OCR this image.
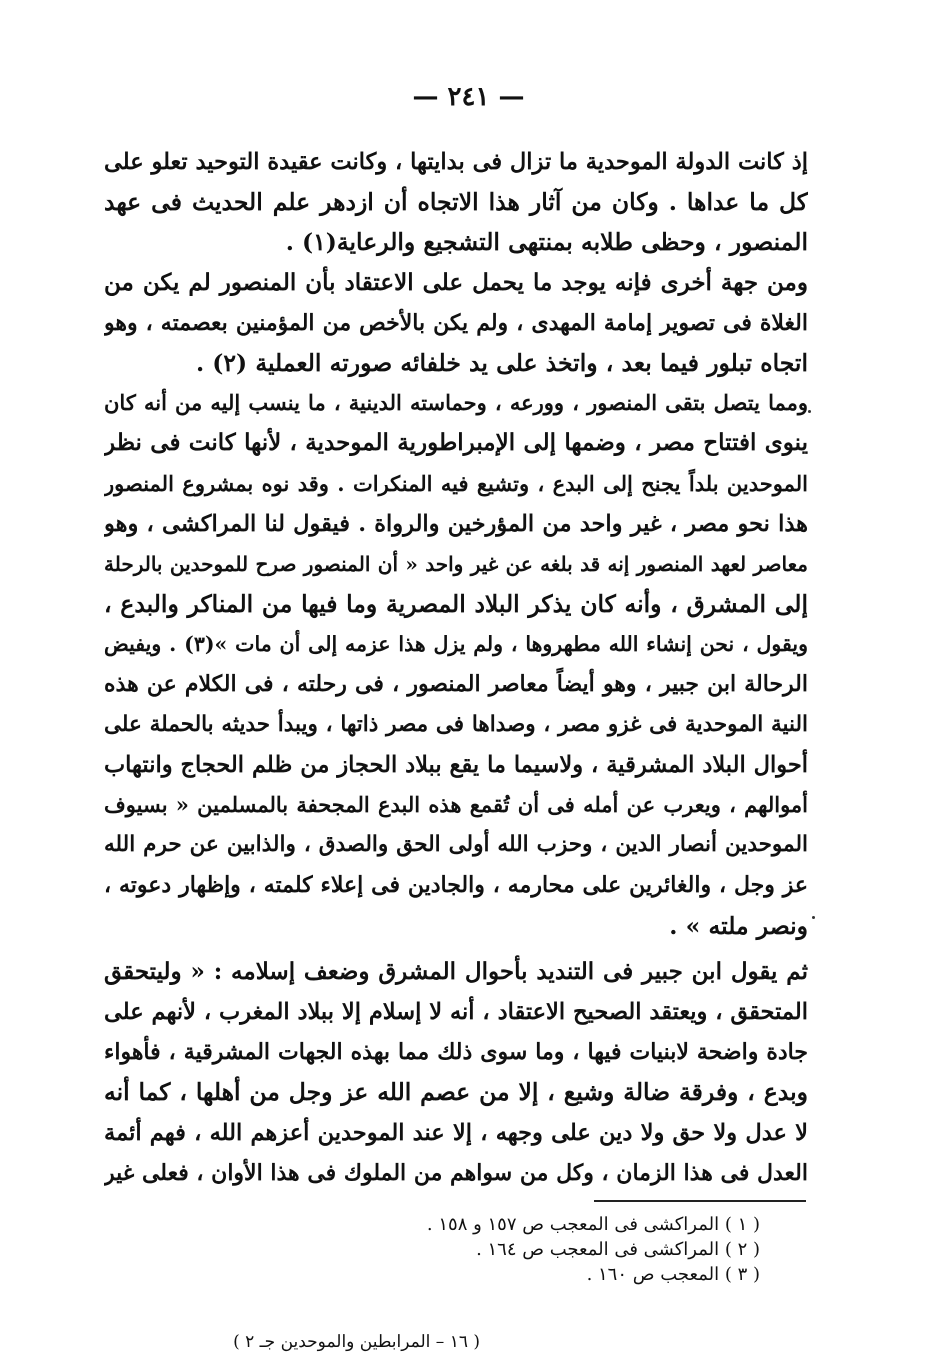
— ٢٤١ —
إذ كانت الدولة الموحدية ما تزال فى بدايتها ، وكانت عقيدة التوحيد تعلو على
كل ما عداها . وكان من آثار هذا الاتجاه أن ازدهر علم الحديث فى عهد
المنصور ، وحظى طلابه بمنتهى التشجيع والرعاية(١) .
ومن جهة أخرى فإنه يوجد ما يحمل على الاعتقاد بأن المنصور لم يكن من
الغلاة فى تصوير إمامة المهدى ، ولم يكن بالأخص من المؤمنين بعصمته ، وهو
اتجاه تبلور فيما بعد ، واتخذ على يد خلفائه صورته العملية (٢) .
ومما يتصل بتقى المنصور ، وورعه ، وحماسته الدينية ، ما ينسب إليه من أنه كان
ينوى افتتاح مصر ، وضمها إلى الإمبراطورية الموحدية ، لأنها كانت فى نظر
الموحدين بلداً يجنح إلى البدع ، وتشيع فيه المنكرات . وقد نوه بمشروع المنصور
هذا نحو مصر ، غير واحد من المؤرخين والرواة . فيقول لنا المراكشى ، وهو
معاصر لعهد المنصور إنه قد بلغه عن غير واحد « أن المنصور صرح للموحدين بالرحلة
إلى المشرق ، وأنه كان يذكر البلاد المصرية وما فيها من المناكر والبدع ،
ويقول ، نحن إنشاء الله مطهروها ، ولم يزل هذا عزمه إلى أن مات »(٣) . ويفيض
الرحالة ابن جبير ، وهو أيضاً معاصر المنصور ، فى رحلته ، فى الكلام عن هذه
النية الموحدية فى غزو مصر ، وصداها فى مصر ذاتها ، ويبدأ حديثه بالحملة على
أحوال البلاد المشرقية ، ولاسيما ما يقع ببلاد الحجاز من ظلم الحجاج وانتهاب
أموالهم ، ويعرب عن أمله فى أن تُقمع هذه البدع المجحفة بالمسلمين « بسيوف
الموحدين أنصار الدين ، وحزب الله أولى الحق والصدق ، والذابين عن حرم الله
عز وجل ، والغائرين على محارمه ، والجادين فى إعلاء كلمته ، وإظهار دعوته ،
ونصر ملته » .
ثم يقول ابن جبير فى التنديد بأحوال المشرق وضعف إسلامه : « وليتحقق
المتحقق ، ويعتقد الصحيح الاعتقاد ، أنه لا إسلام إلا ببلاد المغرب ، لأنهم على
جادة واضحة لابنيات فيها ، وما سوى ذلك مما بهذه الجهات المشرقية ، فأهواء
وبدع ، وفرقة ضالة وشيع ، إلا من عصم الله عز وجل من أهلها ، كما أنه
لا عدل ولا حق ولا دين على وجهه ، إلا عند الموحدين أعزهم الله ، فهم أئمة
العدل فى هذا الزمان ، وكل من سواهم من الملوك فى هذا الأوان ، فعلى غير
( ١ ) المراكشى فى المعجب ص ١٥٧ و ١٥٨ .
( ٢ ) المراكشى فى المعجب ص ١٦٤ .
( ٣ ) المعجب ص ١٦٠ .
( ١٦ – المرابطين والموحدين جـ ٢ )
